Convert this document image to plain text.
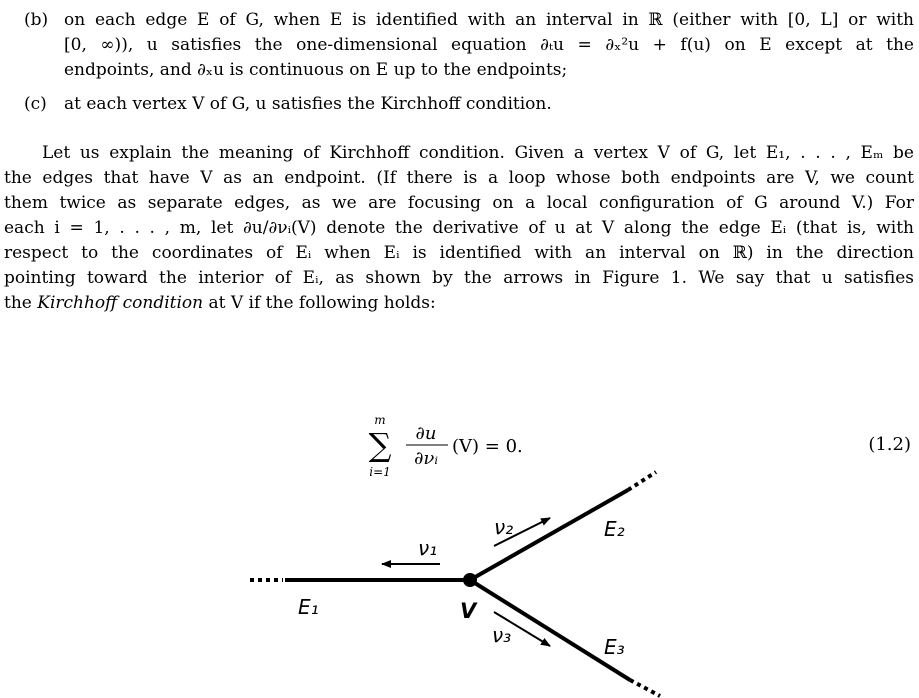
(b) on each edge E of G, when E is identified with an interval in ℝ (either with [0, L] or with
[0, ∞)), u satisfies the one-dimensional equation ∂ₜu = ∂ₓ²u + f(u) on E except at the
endpoints, and ∂ₓu is continuous on E up to the endpoints;
(c) at each vertex V of G, u satisfies the Kirchhoff condition.
Let us explain the meaning of Kirchhoff condition. Given a vertex V of G, let E₁, . . . , Eₘ be
the edges that have V as an endpoint. (If there is a loop whose both endpoints are V, we count
them twice as separate edges, as we are focusing on a local configuration of G around V.) For
each i = 1, . . . , m, let ∂u/∂νᵢ(V) denote the derivative of u at V along the edge Eᵢ (that is, with
respect to the coordinates of Eᵢ when Eᵢ is identified with an interval on ℝ) in the direction
pointing toward the interior of Eᵢ, as shown by the arrows in Figure 1. We say that u satisfies
the Kirchhoff condition at V if the following holds:
m
∑
i=1
∂u
∂νᵢ
(V) = 0.	(1.2)
ν₁
ν₂
ν₃
E₁
E₂
E₃
V
